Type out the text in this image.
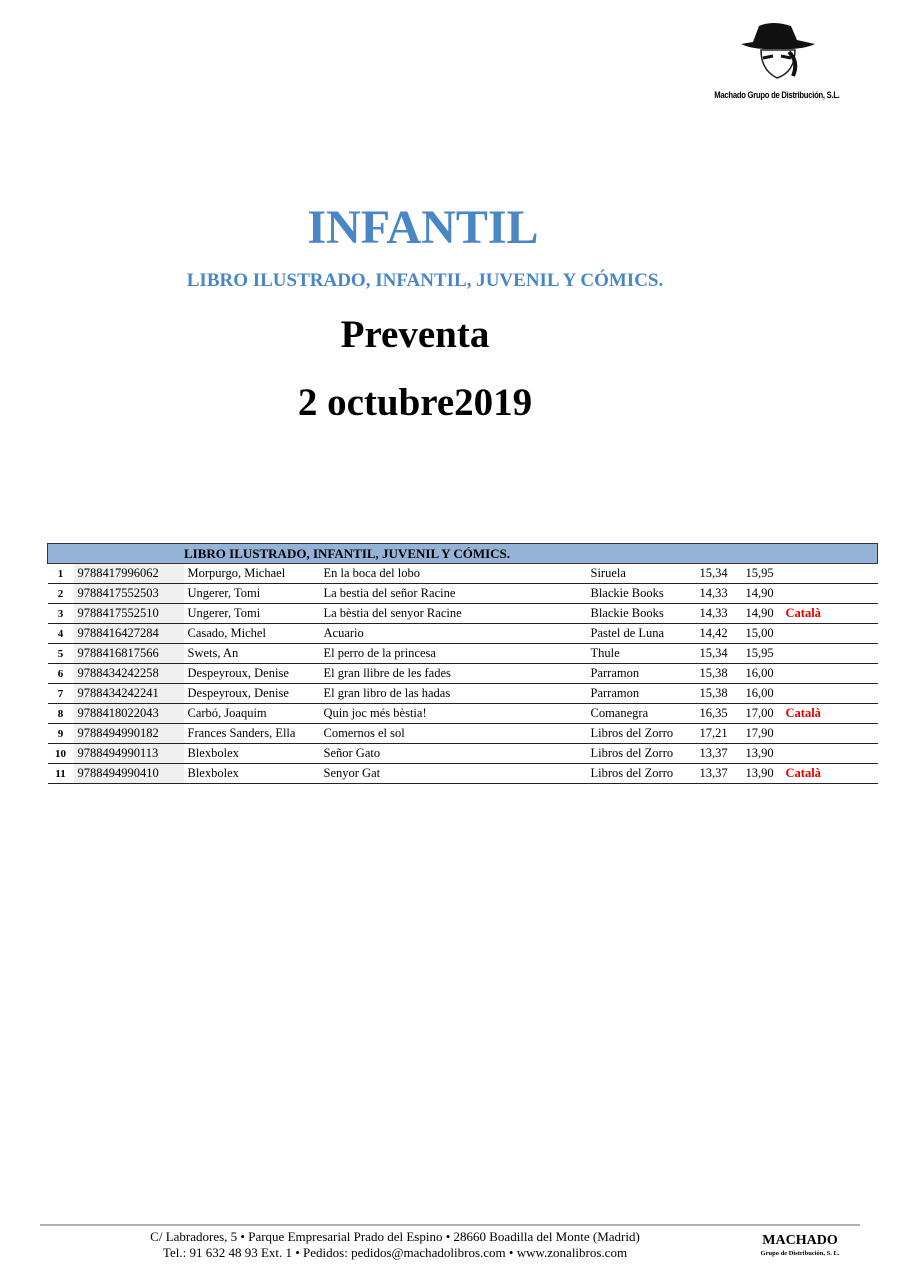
Machado Grupo de Distribución, S.L.
INFANTIL
LIBRO ILUSTRADO, INFANTIL, JUVENIL Y CÓMICS.
Preventa
2 octubre2019
LIBRO ILUSTRADO, INFANTIL, JUVENIL Y CÓMICS.							
1	9788417996062	Morpurgo, Michael	En la boca del lobo	Siruela	15,34	15,95	
2	9788417552503	Ungerer, Tomi	La bestia del señor Racine	Blackie Books	14,33	14,90	
3	9788417552510	Ungerer, Tomi	La bèstia del senyor Racine	Blackie Books	14,33	14,90	Català
4	9788416427284	Casado, Michel	Acuario	Pastel de Luna	14,42	15,00	
5	9788416817566	Swets, An	El perro de la princesa	Thule	15,34	15,95	
6	9788434242258	Despeyroux, Denise	El gran llibre de les fades	Parramon	15,38	16,00	
7	9788434242241	Despeyroux, Denise	El gran libro de las hadas	Parramon	15,38	16,00	
8	9788418022043	Carbó, Joaquim	Quin joc més bèstia!	Comanegra	16,35	17,00	Català
9	9788494990182	Frances Sanders, Ella	Comernos el sol	Libros del Zorro	17,21	17,90	
10	9788494990113	Blexbolex	Señor Gato	Libros del Zorro	13,37	13,90	
11	9788494990410	Blexbolex	Senyor Gat	Libros del Zorro	13,37	13,90	Català
C/ Labradores, 5 • Parque Empresarial Prado del Espino • 28660 Boadilla del Monte (Madrid)
Tel.: 91 632 48 93 Ext. 1 • Pedidos: pedidos@machadolibros.com • www.zonalibros.com
MACHADO
Grupo de Distribución, S. L.
